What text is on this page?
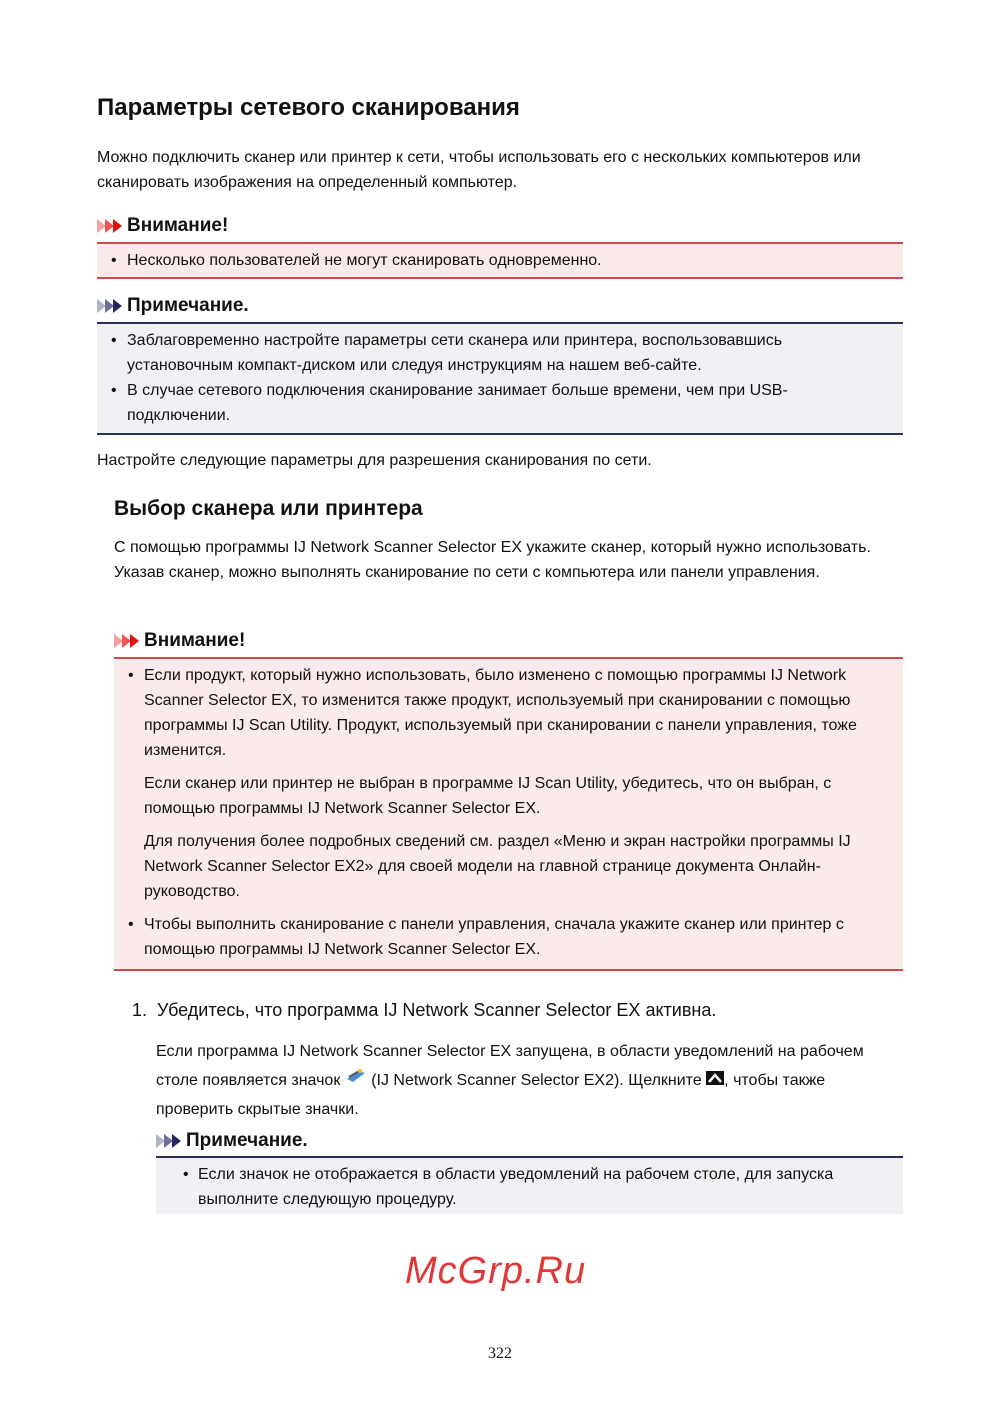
Параметры сетевого сканирования
Можно подключить сканер или принтер к сети, чтобы использовать его с нескольких компьютеров или сканировать изображения на определенный компьютер.
Внимание!
• Несколько пользователей не могут сканировать одновременно.
Примечание.
• Заблаговременно настройте параметры сети сканера или принтера, воспользовавшись установочным компакт-диском или следуя инструкциям на нашем веб-сайте.
• В случае сетевого подключения сканирование занимает больше времени, чем при USB-подключении.
Настройте следующие параметры для разрешения сканирования по сети.
Выбор сканера или принтера
С помощью программы IJ Network Scanner Selector EX укажите сканер, который нужно использовать. Указав сканер, можно выполнять сканирование по сети с компьютера или панели управления.
Внимание!
• Если продукт, который нужно использовать, было изменено с помощью программы IJ Network Scanner Selector EX, то изменится также продукт, используемый при сканировании с помощью программы IJ Scan Utility. Продукт, используемый при сканировании с панели управления, тоже изменится.
Если сканер или принтер не выбран в программе IJ Scan Utility, убедитесь, что он выбран, с помощью программы IJ Network Scanner Selector EX.
Для получения более подробных сведений см. раздел «Меню и экран настройки программы IJ Network Scanner Selector EX2» для своей модели на главной странице документа Онлайн-руководство.
• Чтобы выполнить сканирование с панели управления, сначала укажите сканер или принтер с помощью программы IJ Network Scanner Selector EX.
1. Убедитесь, что программа IJ Network Scanner Selector EX активна.
Если программа IJ Network Scanner Selector EX запущена, в области уведомлений на рабочем столе появляется значок  (IJ Network Scanner Selector EX2). Щелкните , чтобы также проверить скрытые значки.
Примечание.
• Если значок не отображается в области уведомлений на рабочем столе, для запуска выполните следующую процедуру.
McGrp.Ru
322
